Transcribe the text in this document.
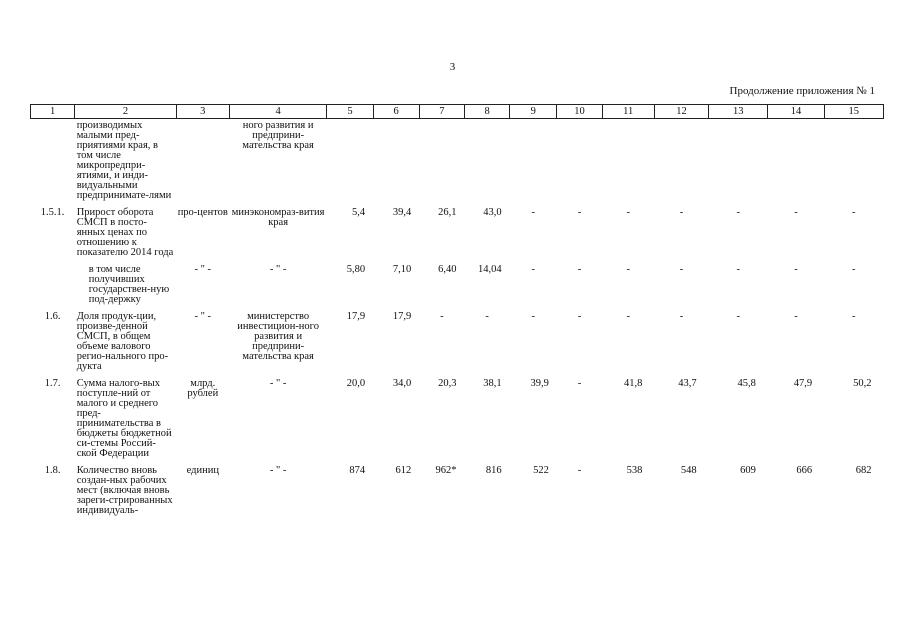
3
Продолжение приложения № 1
1	2	3	4	5	6	7	8	9	10	11	12	13	14	15
	производимых малыми пред-приятиями края, в том числе микропредпри-ятиями, и инди-видуальными предпринимате-лями		ного развития и предприни-мательства края											
1.5.1.	Прирост оборота СМСП в посто-янных ценах по отношению к показателю 2014 года	про-центов	минэкономраз-вития края	5,4	39,4	26,1	43,0	-	-	-	-	-	-	-
	в том числе получивших государствен-ную под-держку	- " -	- " -	5,80	7,10	6,40	14,04	-	-	-	-	-	-	-
1.6.	Доля продук-ции, произве-денной СМСП, в общем объеме валового регио-нального про-дукта	- " -	министерство инвестицион-ного развития и предприни-мательства края	17,9	17,9	-	-	-	-	-	-	-	-	-
1.7.	Сумма налого-вых поступле-ний от малого и среднего пред-принимательства в бюджеты бюджетной си-стемы Россий-ской Федерации	млрд. рублей	- " -	20,0	34,0	20,3	38,1	39,9	-	41,8	43,7	45,8	47,9	50,2
1.8.	Количество вновь создан-ных рабочих мест (включая вновь зареги-стрированных индивидуаль-	единиц	- " -	874	612	962*	816	522	-	538	548	609	666	682
